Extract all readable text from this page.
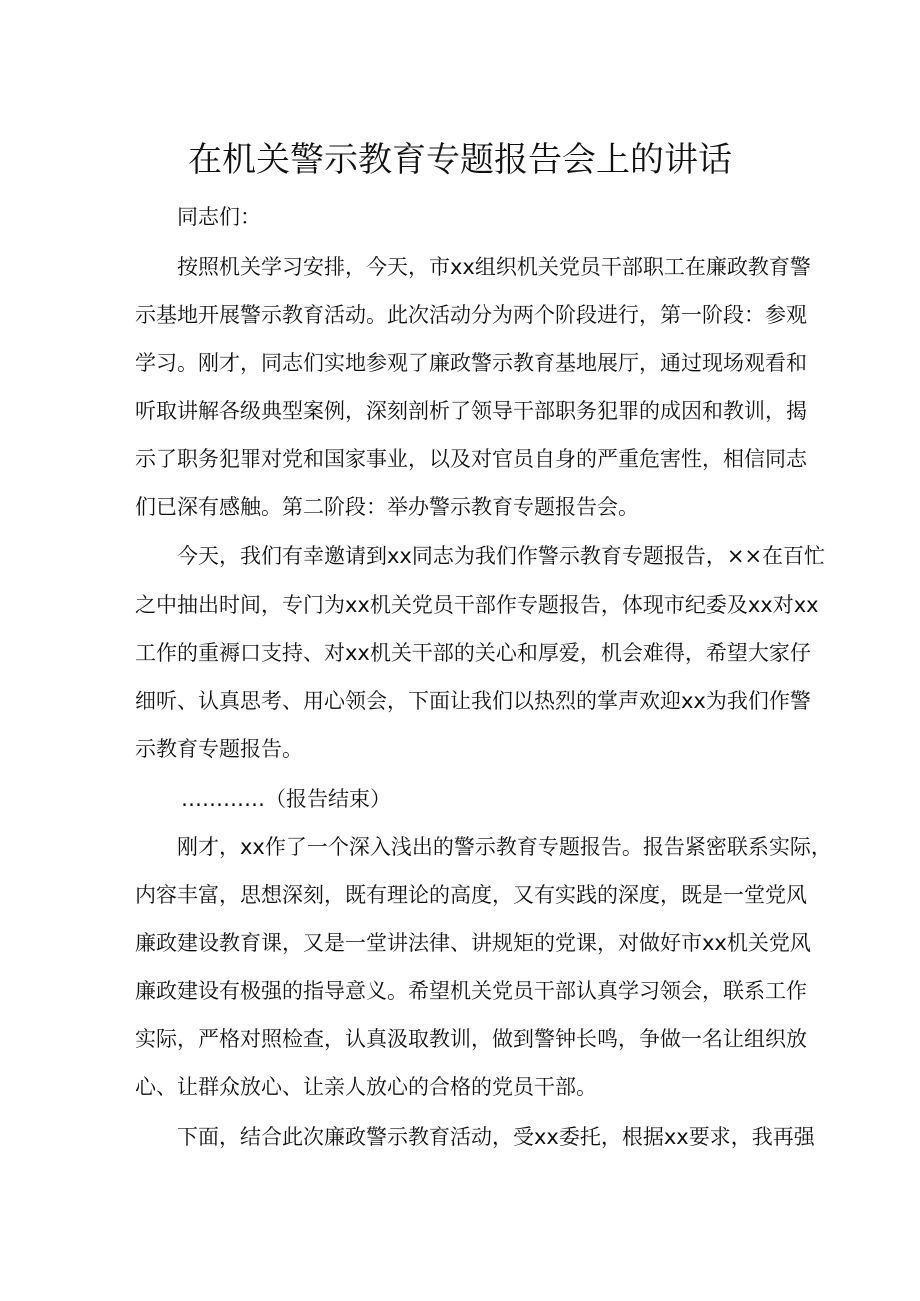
在机关警示教育专题报告会上的讲话
同志们：
按照机关学习安排，今天，市xx组织机关党员干部职工在廉政教育警
示基地开展警示教育活动。此次活动分为两个阶段进行，第一阶段：参观
学习。刚才，同志们实地参观了廉政警示教育基地展厅，通过现场观看和
听取讲解各级典型案例，深刻剖析了领导干部职务犯罪的成因和教训，揭
示了职务犯罪对党和国家事业，以及对官员自身的严重危害性，相信同志
们已深有感触。第二阶段：举办警示教育专题报告会。
今天，我们有幸邀请到xx同志为我们作警示教育专题报告，××在百忙
之中抽出时间，专门为xx机关党员干部作专题报告，体现市纪委及xx对xx
工作的重褥口支持、对xx机关干部的关心和厚爱，机会难得，希望大家仔
细听、认真思考、用心领会，下面让我们以热烈的掌声欢迎xx为我们作警
示教育专题报告。
…………（报告结束）
刚才，xx作了一个深入浅出的警示教育专题报告。报告紧密联系实际，
内容丰富，思想深刻，既有理论的高度，又有实践的深度，既是一堂党风
廉政建设教育课，又是一堂讲法律、讲规矩的党课，对做好市xx机关党风
廉政建设有极强的指导意义。希望机关党员干部认真学习领会，联系工作
实际，严格对照检查，认真汲取教训，做到警钟长鸣，争做一名让组织放
心、让群众放心、让亲人放心的合格的党员干部。
下面，结合此次廉政警示教育活动，受xx委托，根据xx要求，我再强
